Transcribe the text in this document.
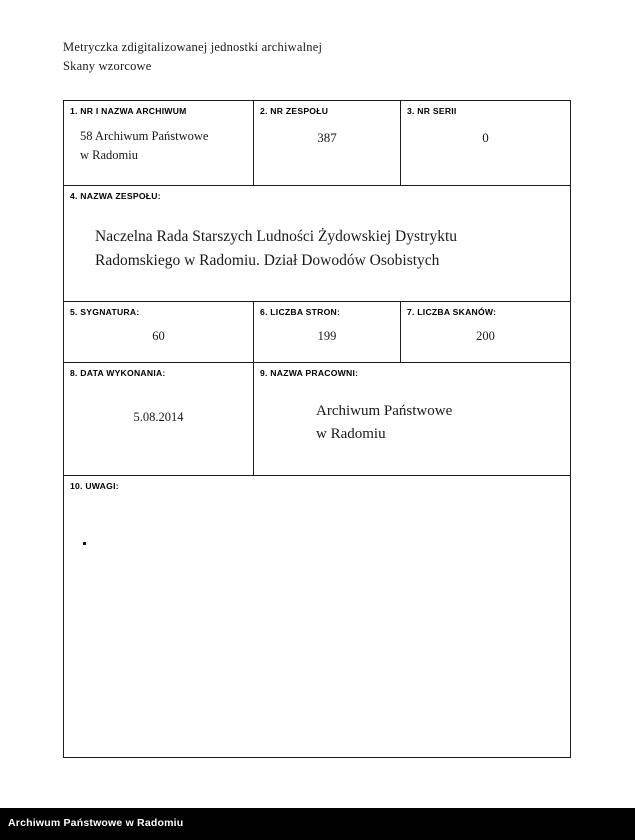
Metryczka zdigitalizowanej jednostki archiwalnej
Skany wzorcowe
1. NR I NAZWA ARCHIWUM
58 Archiwum Państwowe
w Radomiu

2. NR ZESPOŁU
387

3. NR SERII
0

4. NAZWA ZESPOŁU:
Naczelna Rada Starszych Ludności Żydowskiej Dystryktu
Radomskiego w Radomiu. Dział Dowodów Osobistych		

5. SYGNATURA:
60

6. LICZBA STRON:
199

7. LICZBA SKANÓW:
200

8. DATA WYKONANIA:
5.08.2014

9. NAZWA PRACOWNI:
Archiwum Państwowe
w Radomiu

10. UWAGI:		
Archiwum Państwowe w Radomiu
